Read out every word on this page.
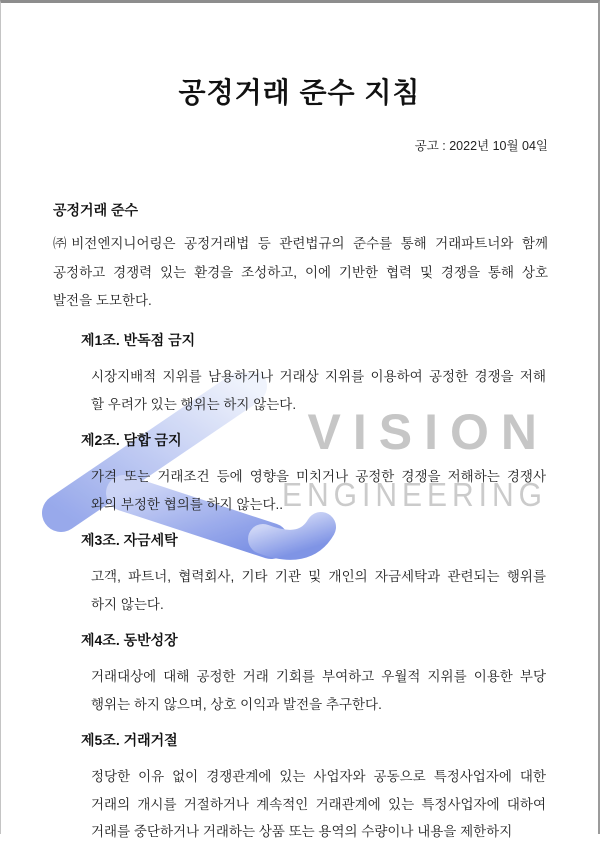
VISION
ENGINEERING
공정거래 준수 지침
공고 : 2022년 10월 04일
공정거래 준수
㈜비전엔지니어링은 공정거래법 등 관련법규의 준수를 통해 거래파트너와 함께
공정하고 경쟁력 있는 환경을 조성하고, 이에 기반한 협력 및 경쟁을 통해 상호
발전을 도모한다.
제1조. 반독점 금지
시장지배적 지위를 남용하거나 거래상 지위를 이용하여 공정한 경쟁을 저해
할 우려가 있는 행위는 하지 않는다.
제2조. 담합 금지
가격 또는 거래조건 등에 영향을 미치거나 공정한 경쟁을 저해하는 경쟁사
와의 부정한 협의를 하지 않는다..
제3조. 자금세탁
고객, 파트너, 협력회사, 기타 기관 및 개인의 자금세탁과 관련되는 행위를
하지 않는다.
제4조. 동반성장
거래대상에 대해 공정한 거래 기회를 부여하고 우월적 지위를 이용한 부당
행위는 하지 않으며, 상호 이익과 발전을 추구한다.
제5조. 거래거절
정당한 이유 없이 경쟁관계에 있는 사업자와 공동으로 특정사업자에 대한
거래의 개시를 거절하거나 계속적인 거래관계에 있는 특정사업자에 대하여
거래를 중단하거나 거래하는 상품 또는 용역의 수량이나 내용을 제한하지
